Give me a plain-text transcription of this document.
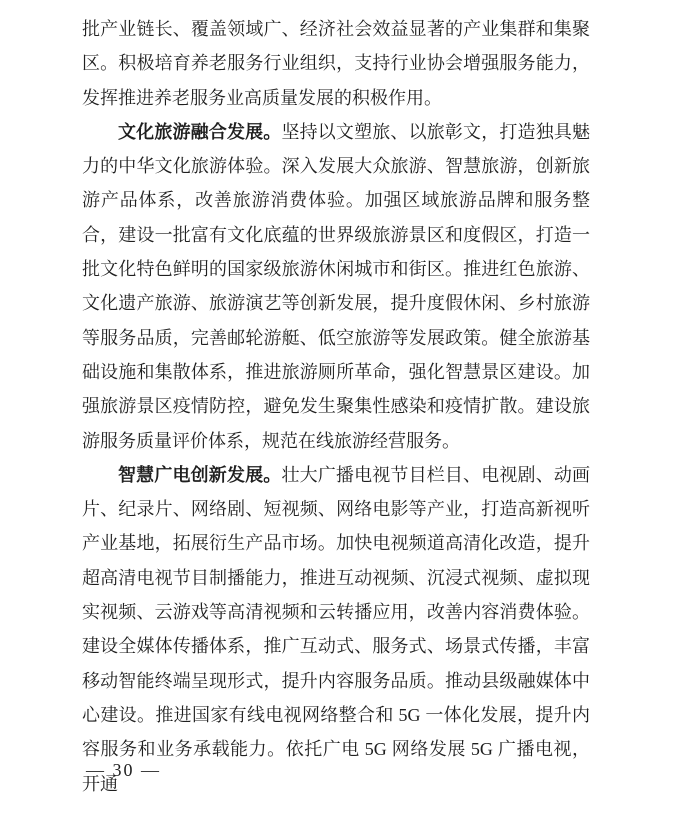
批产业链长、覆盖领域广、经济社会效益显著的产业集群和集聚区。积极培育养老服务行业组织，支持行业协会增强服务能力，发挥推进养老服务业高质量发展的积极作用。

文化旅游融合发展。坚持以文塑旅、以旅彰文，打造独具魅力的中华文化旅游体验。深入发展大众旅游、智慧旅游，创新旅游产品体系，改善旅游消费体验。加强区域旅游品牌和服务整合，建设一批富有文化底蕴的世界级旅游景区和度假区，打造一批文化特色鲜明的国家级旅游休闲城市和街区。推进红色旅游、文化遗产旅游、旅游演艺等创新发展，提升度假休闲、乡村旅游等服务品质，完善邮轮游艇、低空旅游等发展政策。健全旅游基础设施和集散体系，推进旅游厕所革命，强化智慧景区建设。加强旅游景区疫情防控，避免发生聚集性感染和疫情扩散。建设旅游服务质量评价体系，规范在线旅游经营服务。

智慧广电创新发展。壮大广播电视节目栏目、电视剧、动画片、纪录片、网络剧、短视频、网络电影等产业，打造高新视听产业基地，拓展衍生产品市场。加快电视频道高清化改造，提升超高清电视节目制播能力，推进互动视频、沉浸式视频、虚拟现实视频、云游戏等高清视频和云转播应用，改善内容消费体验。建设全媒体传播体系，推广互动式、服务式、场景式传播，丰富移动智能终端呈现形式，提升内容服务品质。推动县级融媒体中心建设。推进国家有线电视网络整合和 5G 一体化发展，提升内容服务和业务承载能力。依托广电 5G 网络发展 5G 广播电视，开通

— 30 —
